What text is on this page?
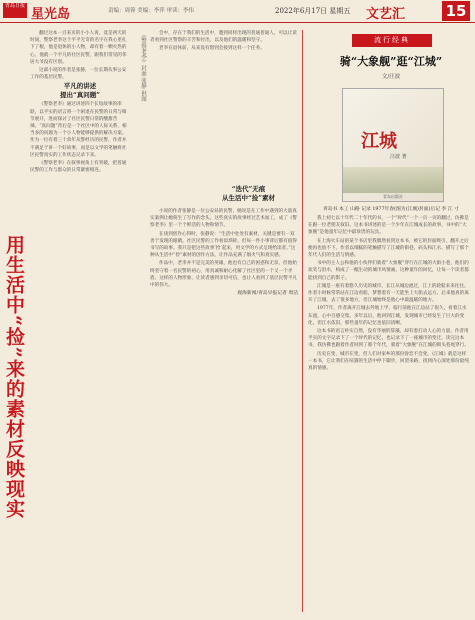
青岛日报
星光岛	责编：周蓉 美编：李萍 审读：李伟	2022年6月17日 星期五 文艺汇	15
用生活中“捡”来的素材反映现实

翻过这本一百来页的小小人说，竟是两天的时间，警察老李这个平平无奇的名字在我心里扎下了根，他是退休的小人物，却有着一颗火热的心。他就一个平凡的社区民警，跟我们常见的邻居大爷没有区别。

这部小说的作者是张静，一位长期从事公安工作的基层民警。

平凡的讲述
提出“真问题”

《警察老李》通过讲述四个长短故事的串联，以平实的语言将一个闲退在民警的日常与细节展开，进而探讨了社区民警日常的酸甜苦辣。“真问题”背后是一个社区中的人际关系，相当多的问题为一个小人物能够提供的解决方案。作为一位有着三十余年从警经历的民警，作者并不满足于讲一个好故事，而是以文学的笔触将社区民警真实的工作状态记录下来。

《警察老李》在叙事视角上有突破，把普通民警的工作与群众的日常紧密相连。

《警察老李》封面 张静 供图	会中，存在于我们的生活中，邀到同样出现的普通普通人，可以让读者看到社区警察的辛苦和付出，以及他们的温暖和坚守。

老李在退休前，从来没有想到会接到这样一个任务。

“迭代”无痕
从生活中“捡”素材

小说的作者张静是一位公安局的民警，她说是在工作中遇到的大量真实案例让她萌生了写作的念头。这些真实的故事经过艺术加工，成了《警察老李》里一个个鲜活的人物和情节。

在谈到创作心得时，张静说：“生活中处处有素材，关键是要有一双善于发现的眼睛。社区民警的工作看似琐碎，但每一件小事背后都有值得书写的故事。我只是把这些故事‘捡’起来，用文学的方式呈现给读者。”这种从生活中“捡”素材的创作方法，让作品充满了烟火气和真实感。

作品中，老李并不是完美的英雄，他也有自己的困惑和无奈，但他始终坚守着一名民警的初心，用真诚和耐心化解了社区里的一个又一个矛盾。这样的人物形象，让读者感到亲切可信，也让人看到了基层民警平凡中的伟大。

观海新闻/青岛早报记者 周洁

流行经典
骑“大象舰”逛“江城”
文/汪波
江城
汪波 著
青岛出版社
青岛书 本工 山路 记录 1977年春(图为(江城)封面)后记 李 江 寸

我上初七以十年代二十年代的书，一个“时代”一个一页一页的翻过，仿佛是在跟一位老朋友叙旧。这本书讲述的是一个少年在江城成长的故事，书中的“大象舰”是他童年记忆中最珍贵的玩具。

在上海火车站的某个书店里我偶然看到这本书，被它的封面吸引，翻开之后便再也放不下。作者以细腻的笔触描写了江城的街巷、码头和江水，描写了那个年代人们的生活与情感。

书中的主人公和他的小伙伴们骑着“大象舰”穿行在江城的大街小巷，他们的欢笑与泪水，构成了一幅生动的城市风情画。这种童年的回忆，让每一个读者都能找到自己的影子。

江城是一座有着悠久历史的城市，长江从城边流过，江上的轮船来来往往。作者小时候常常站在江边看船，梦想着有一天能坐上大船去远方。后来他真的离开了江城，去了很多地方，但江城始终是他心中最温暖的地方。

1977年，作者离开江城去外地上学，临行前他在江边站了很久，看着江水东流，心中百感交集。多年以后，他回到江城，发现城市已经发生了巨大的变化，但江水依旧，那些童年的记忆也依旧清晰。

这本书的语言朴实自然，没有华丽的辞藻，却有着打动人心的力量。作者用平实的文字记录下了一个时代的记忆，也记录下了一座城市的变迁。读完这本书，我仿佛也跟着作者回到了那个年代，骑着“大象舰”在江城的街头巷尾穿行。

历史在变，城市在变，但人们对家乡的那份眷恋不会变。《江城》就是这样一本书，它让我们在喧嚣的生活中停下脚步，回望来路，找到内心深处那份最纯真的情感。
